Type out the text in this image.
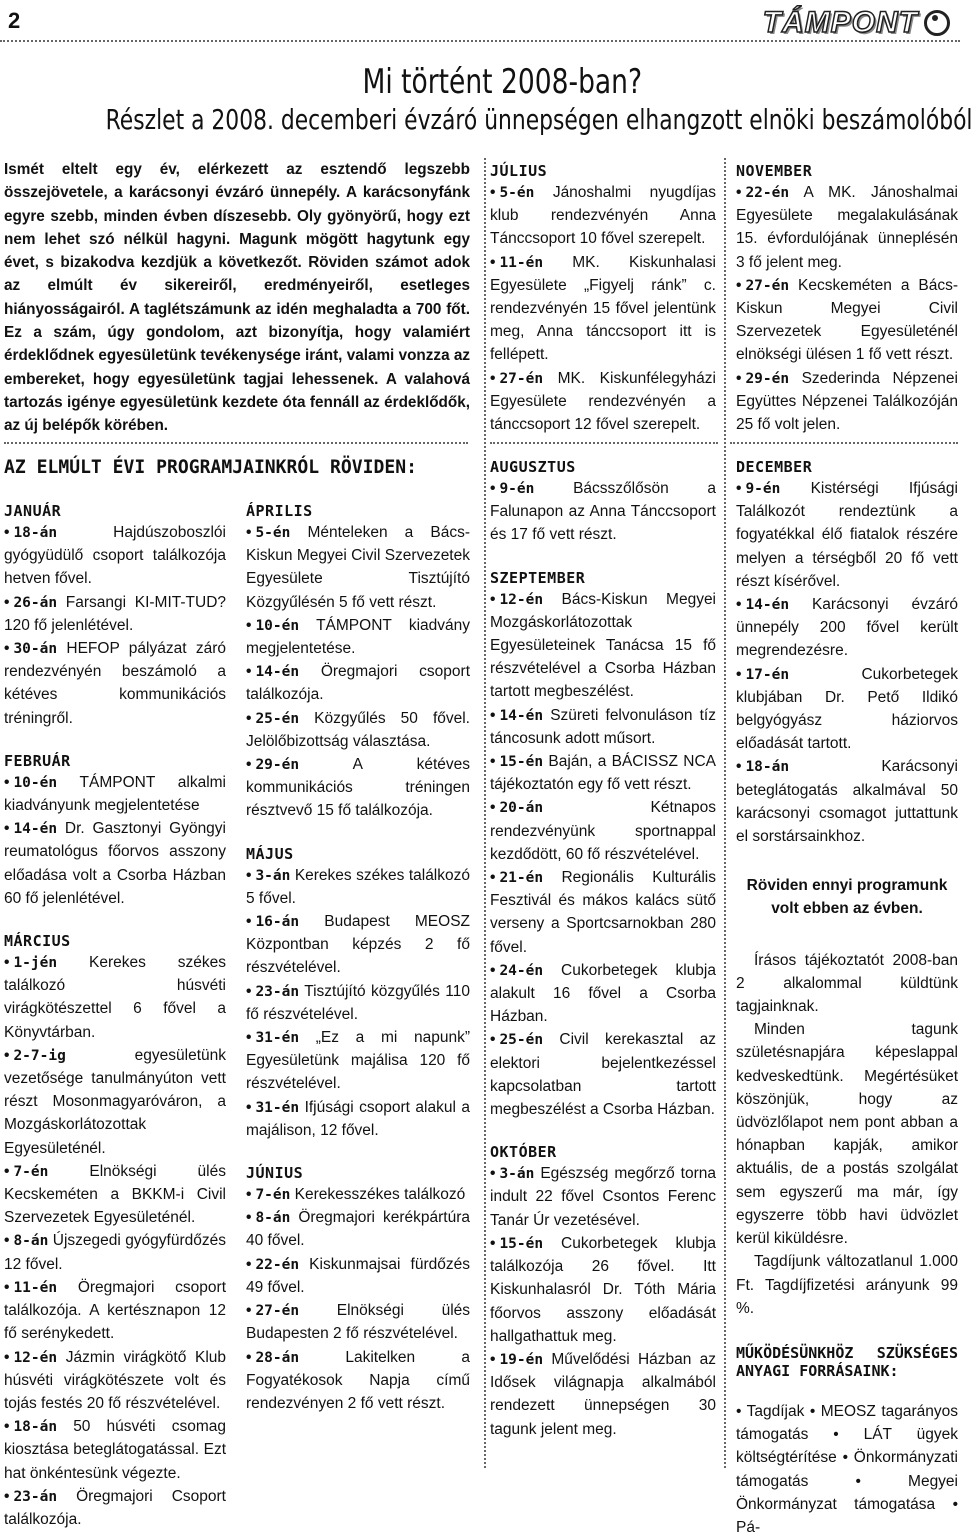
2	TÁMPONT
Mi történt 2008-ban?
Részlet a 2008. decemberi évzáró ünnepségen elhangzott elnöki beszámolóból
Ismét eltelt egy év, elérkezett az esztendő legszebb összejövetele, a karácsonyi évzáró ünnepély. A karácsonyfánk egyre szebb, minden évben díszesebb. Oly gyönyörű, hogy ezt nem lehet szó nélkül hagyni. Magunk mögött hagytunk egy évet, s bizakodva kezdjük a következőt. Röviden számot adok az elmúlt év sikereiről, eredményeiről, esetleges hiányosságairól. A taglétszámunk az idén meghaladta a 700 főt. Ez a szám, úgy gondolom, azt bizonyítja, hogy valamiért érdeklődnek egyesületünk tevékenysége iránt, valami vonzza az embereket, hogy egyesületünk tagjai lehessenek. A valahová tartozás igénye egyesületünk kezdete óta fennáll az érdeklődők, az új belépők körében.
AZ ELMÚLT ÉVI PROGRAMJAINKRÓL RÖVIDEN:
JANUÁR
• 18-án	Hajdúszoboszlói gyógyüdülő csoport találkozója hetven fővel.
• 26-án Farsangi KI-MIT-TUD? 120 fő jelenlétével.
• 30-án HEFOP pályázat záró rendezvényén beszámoló a kétéves kommunikációs tréningről.
FEBRUÁR
• 10-én TÁMPONT alkalmi kiadványunk megjelentetése
• 14-én Dr. Gasztonyi Gyöngyi reumatológus főorvos asszony előadása volt a Csorba Házban 60 fő jelenlétével.
MÁRCIUS
• 1-jén Kerekes székes találkozó húsvéti virágkötészettel 6 fővel a Könyvtárban.
• 2-7-ig	egyesületünk vezetősége tanulmányúton vett részt Mosonmagyaróváron, a Mozgáskorlátozottak Egyesületénél.
• 7-én	Elnökségi ülés Kecskeméten a BKKM-i Civil Szervezetek Egyesületénél.
• 8-án Újszegedi gyógyfürdőzés 12 fővel.
• 11-én Öregmajori csoport találkozója. A kertésznapon 12 fő serénykedett.
• 12-én Jázmin virágkötő Klub húsvéti virágkötészete volt és tojás festés 20 fő részvételével.
• 18-án 50 húsvéti csomag kiosztása beteglátogatással. Ezt hat önkéntesünk végezte.
• 23-án Öregmajori Csoport találkozója.
ÁPRILIS
• 5-én Ménteleken a Bács-Kiskun Megyei Civil Szervezetek Egyesülete Tisztújító Közgyűlésén 5 fő vett részt.
• 10-én TÁMPONT kiadvány megjelentetése.
• 14-én Öregmajori csoport találkozója.
• 25-én Közgyűlés 50 fővel. Jelölőbizottság választása.
• 29-én	A kétéves kommunikációs tréningen résztvevő 15 fő találkozója.
MÁJUS
• 3-án Kerekes székes találkozó 5 fővel.
• 16-án Budapest MEOSZ Központban képzés 2 fő részvételével.
• 23-án Tisztújító közgyűlés 110 fő részvételével.
• 31-én „Ez a mi napunk” Egyesületünk majálisa 120 fő részvételével.
• 31-én Ifjúsági csoport alakul a majálison, 12 fővel.
JÚNIUS
• 7-én Kerekesszékes találkozó
• 8-án Öregmajori kerékpártúra 40 fővel.
• 22-én Kiskunmajsai fürdőzés 49 fővel.
• 27-én Elnökségi ülés Budapesten 2 fő részvételével.
• 28-án	Lakitelken a Fogyatékosok Napja című rendezvényen 2 fő vett részt.
JÚLIUS
• 5-én Jánoshalmi nyugdíjas klub rendezvényén Anna Tánccsoport 10 fővel szerepelt.
• 11-én MK. Kiskunhalasi Egyesülete „Figyelj ránk” c. rendezvényén 15 fővel jelentünk meg, Anna tánccsoport itt is fellépett.
• 27-én MK. Kiskunfélegyházi Egyesülete rendezvényén a tánccsoport 12 fővel szerepelt.
AUGUSZTUS
• 9-én Bácsszőlősön a Falunapon az Anna Tánccsoport és 17 fő vett részt.
SZEPTEMBER
• 12-én Bács-Kiskun Megyei Mozgáskorlátozottak Egyesületeinek Tanácsa 15 fő részvételével a Csorba Házban tartott megbeszélést.
• 14-én Szüreti felvonuláson tíz táncosunk adott műsort.
• 15-én Baján, a BÁCISSZ NCA tájékoztatón egy fő vett részt.
• 20-án	Kétnapos rendezvényünk sportnappal kezdődött, 60 fő részvételével.
• 21-én Regionális Kulturális Fesztivál és mákos kalács sütő verseny a Sportcsarnokban 280 fővel.
• 24-én Cukorbetegek klubja alakult 16 fővel a Csorba Házban.
• 25-én Civil kerekasztal az elektori bejelentkezéssel kapcsolatban tartott megbeszélést a Csorba Házban.
OKTÓBER
• 3-án Egészség megőrző torna indult 22 fővel Csontos Ferenc Tanár Úr vezetésével.
• 15-én Cukorbetegek klubja találkozója 26 fővel. Itt Kiskunhalasról Dr. Tóth Mária főorvos asszony előadását hallgathattuk meg.
• 19-én Művelődési Házban az Idősek világnapja alkalmából rendezett ünnepségen 30 tagunk jelent meg.
NOVEMBER
• 22-én A MK. Jánoshalmai Egyesülete megalakulásának 15. évfordulójának ünneplésén 3 fő jelent meg.
• 27-én Kecskeméten a Bács-Kiskun Megyei Civil Szervezetek Egyesületénél elnökségi ülésen 1 fő vett részt.
• 29-én Szederinda Népzenei Együttes Népzenei Találkozóján 25 fő volt jelen.
DECEMBER
• 9-én Kistérségi Ifjúsági Találkozót rendeztünk a fogyatékkal élő fiatalok részére melyen a térségből 20 fő vett részt kísérővel.
• 14-én Karácsonyi évzáró ünnepély 200 fővel került megrendezésre.
• 17-én	Cukorbetegek klubjában Dr. Pető Ildikó belgyógyász háziorvos előadását tartott.
• 18-án	Karácsonyi beteglátogatás alkalmával 50 karácsonyi csomagot juttattunk el sorstársainkhoz.
Röviden ennyi programunk volt ebben az évben.
Írásos tájékoztatót 2008-ban 2 alkalommal küldtünk tagjainknak.
Minden tagunk születésnapjára képeslappal kedveskedtünk. Megértésüket köszönjük, hogy az üdvözlőlapot nem pont abban a hónapban kapják, amikor aktuális, de a postás szolgálat sem egyszerű ma már, így egyszerre több havi üdvözlet kerül kiküldésre.
Tagdíjunk változatlanul 1.000 Ft. Tagdíjfizetési arányunk 99 %.
MŰKÖDÉSÜNKHÖZ SZÜKSÉGES ANYAGI FORRÁSAINK:
• Tagdíjak • MEOSZ tagarányos támogatás • LÁT ügyek költségtérítése • Önkormányzati támogatás • Megyei Önkormányzat támogatása • Pá-
